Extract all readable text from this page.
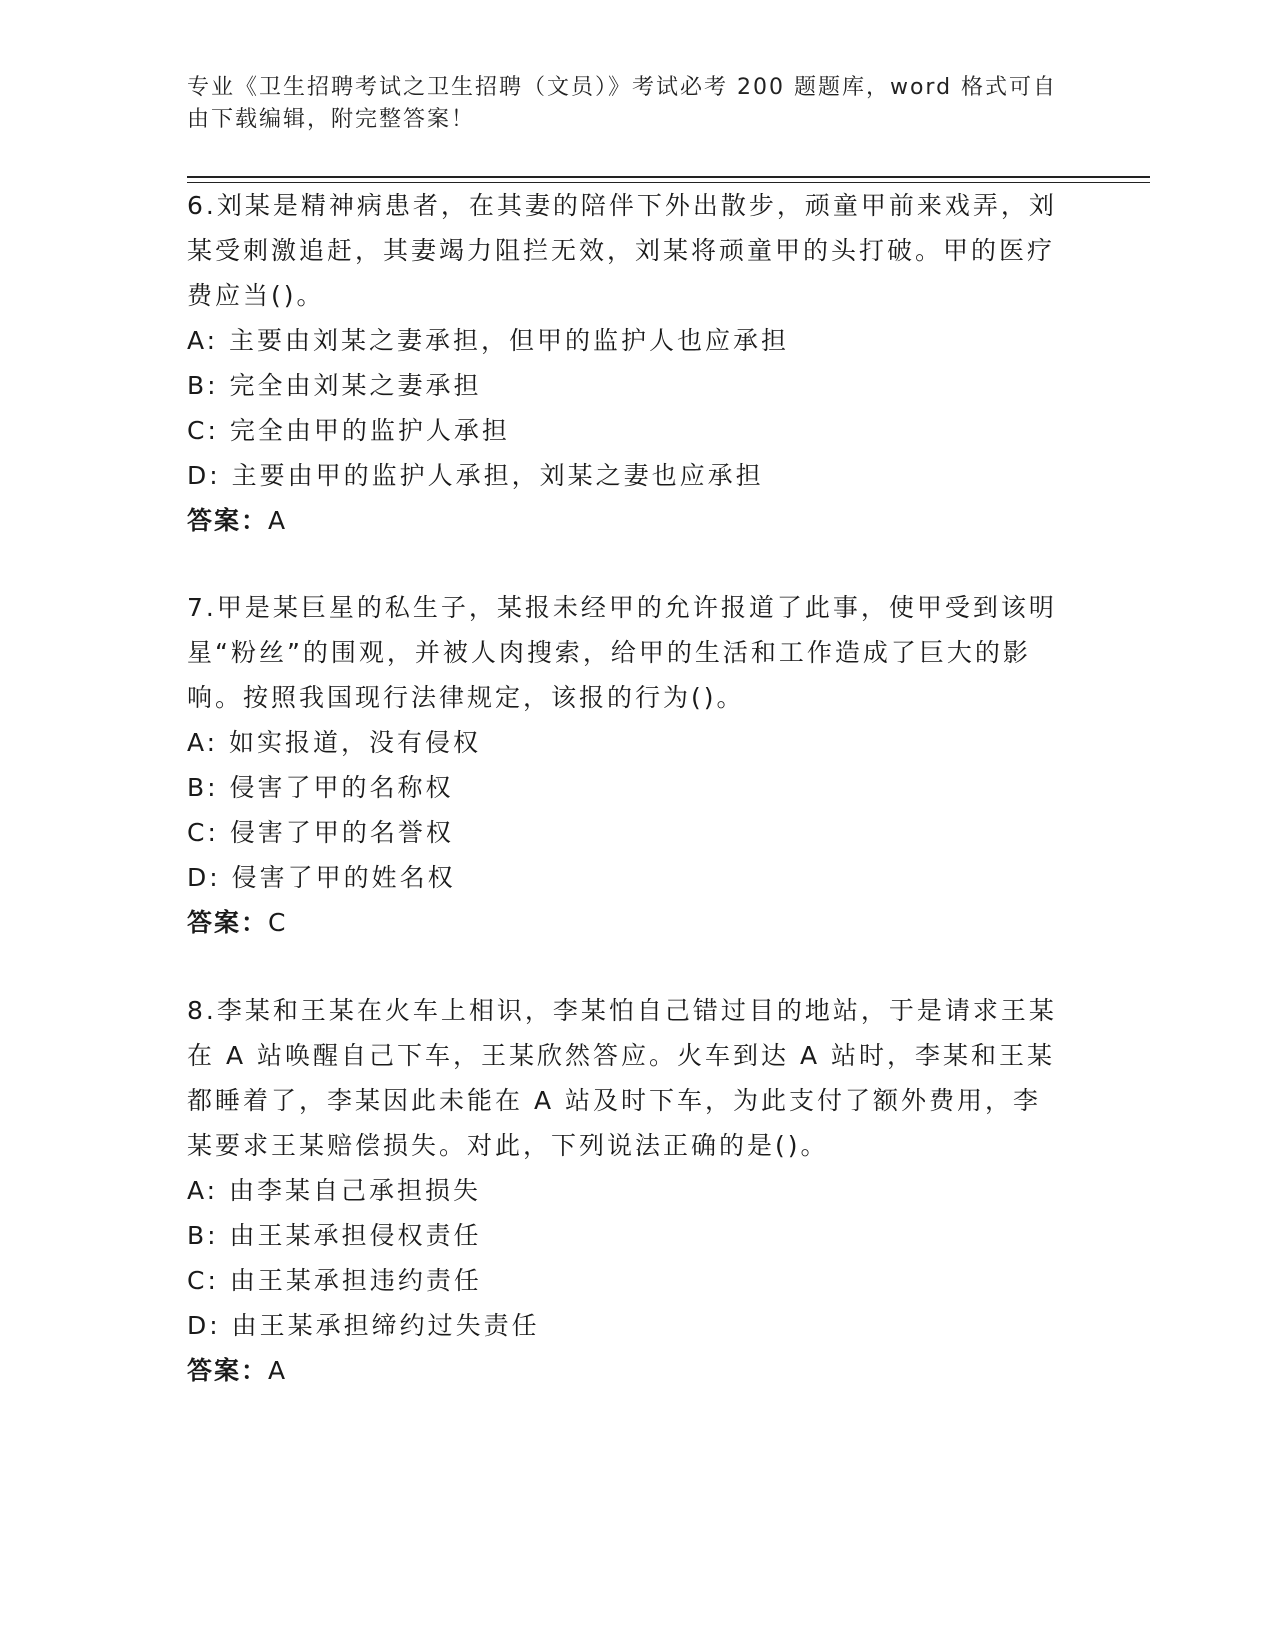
专业《卫生招聘考试之卫生招聘（文员）》考试必考 200 题题库，word 格式可自
由下载编辑，附完整答案！

6.刘某是精神病患者，在其妻的陪伴下外出散步，顽童甲前来戏弄，刘某受刺激追赶，其妻竭力阻拦无效，刘某将顽童甲的头打破。甲的医疗费应当()。

A: 主要由刘某之妻承担，但甲的监护人也应承担

B: 完全由刘某之妻承担

C: 完全由甲的监护人承担

D: 主要由甲的监护人承担，刘某之妻也应承担

答案：A

7.甲是某巨星的私生子，某报未经甲的允许报道了此事，使甲受到该明星“粉丝”的围观，并被人肉搜索，给甲的生活和工作造成了巨大的影响。按照我国现行法律规定，该报的行为()。

A: 如实报道，没有侵权

B: 侵害了甲的名称权

C: 侵害了甲的名誉权

D: 侵害了甲的姓名权

答案：C

8.李某和王某在火车上相识，李某怕自己错过目的地站，于是请求王某在 A 站唤醒自己下车，王某欣然答应。火车到达 A 站时，李某和王某都睡着了，李某因此未能在 A 站及时下车，为此支付了额外费用，李某要求王某赔偿损失。对此，下列说法正确的是()。

A: 由李某自己承担损失

B: 由王某承担侵权责任

C: 由王某承担违约责任

D: 由王某承担缔约过失责任

答案：A
